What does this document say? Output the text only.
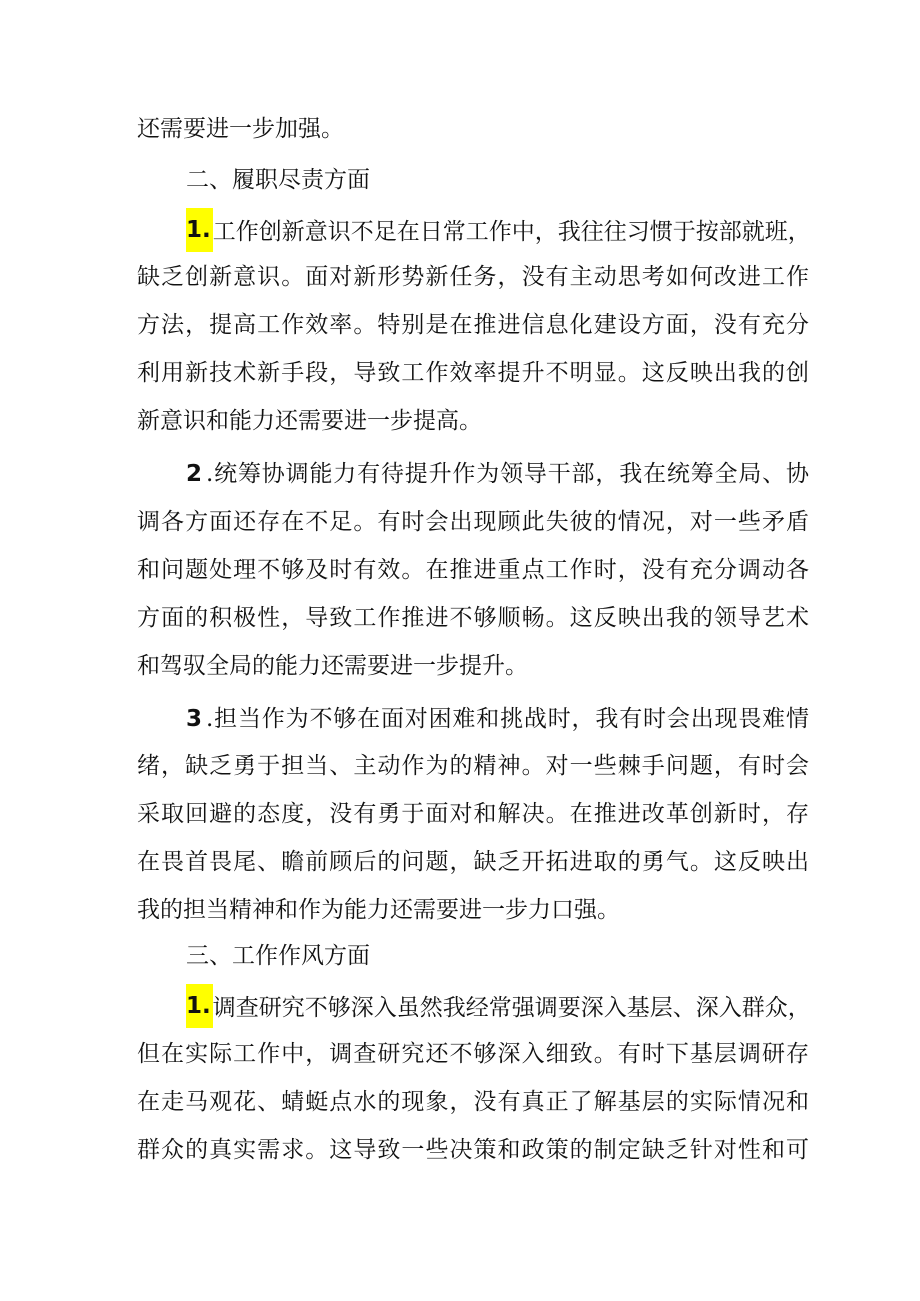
还需要进一步加强。
二、履职尽责方面
1.工作创新意识不足在日常工作中，我往往习惯于按部就班，
缺乏创新意识。面对新形势新任务，没有主动思考如何改进工作
方法，提高工作效率。特别是在推进信息化建设方面，没有充分
利用新技术新手段，导致工作效率提升不明显。这反映出我的创
新意识和能力还需要进一步提高。
2 .统筹协调能力有待提升作为领导干部，我在统筹全局、协
调各方面还存在不足。有时会出现顾此失彼的情况，对一些矛盾
和问题处理不够及时有效。在推进重点工作时，没有充分调动各
方面的积极性，导致工作推进不够顺畅。这反映出我的领导艺术
和驾驭全局的能力还需要进一步提升。
3 .担当作为不够在面对困难和挑战时，我有时会出现畏难情
绪，缺乏勇于担当、主动作为的精神。对一些棘手问题，有时会
采取回避的态度，没有勇于面对和解决。在推进改革创新时，存
在畏首畏尾、瞻前顾后的问题，缺乏开拓进取的勇气。这反映出
我的担当精神和作为能力还需要进一步力口强。
三、工作作风方面
1.调查研究不够深入虽然我经常强调要深入基层、深入群众，
但在实际工作中，调查研究还不够深入细致。有时下基层调研存
在走马观花、蜻蜓点水的现象，没有真正了解基层的实际情况和
群众的真实需求。这导致一些决策和政策的制定缺乏针对性和可
